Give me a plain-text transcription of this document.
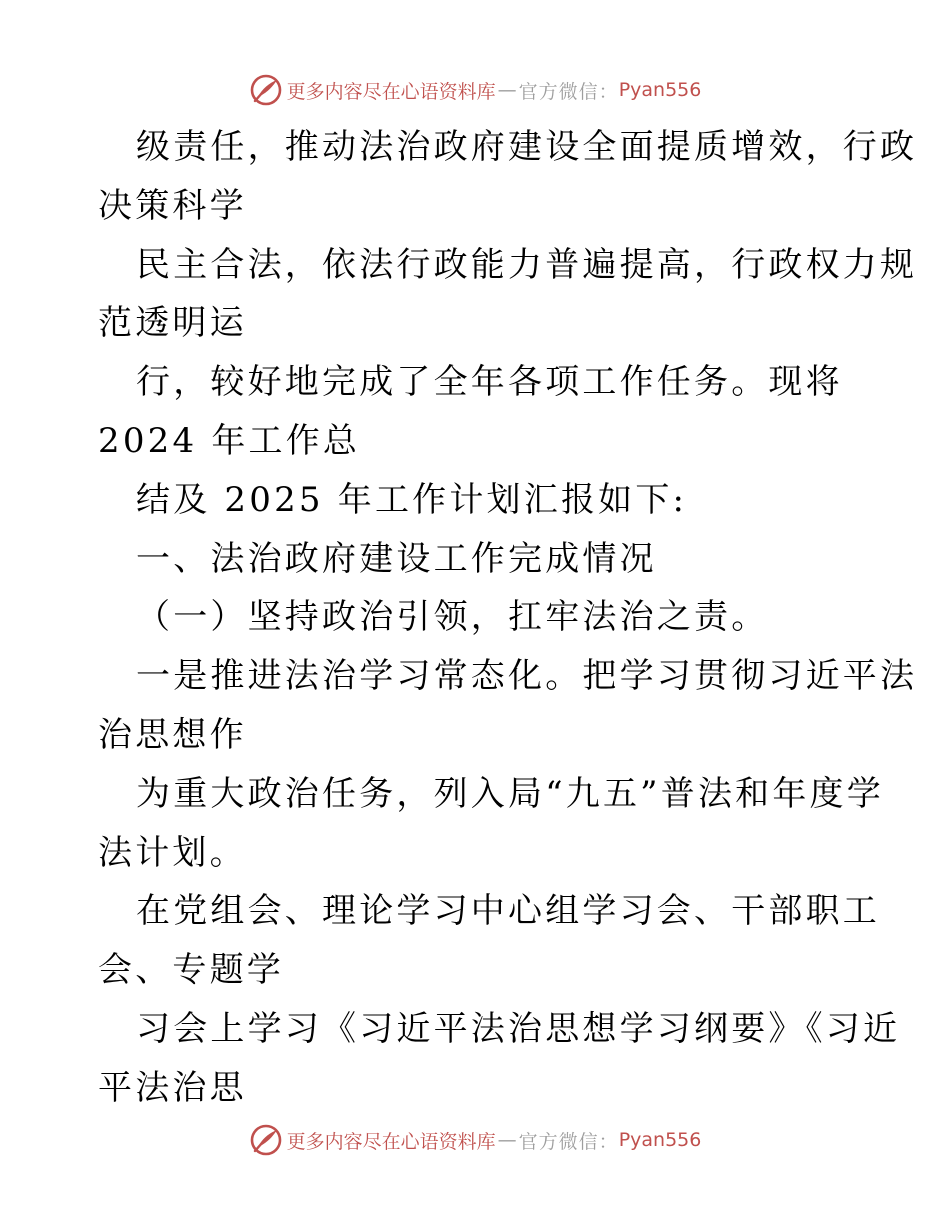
更多内容尽在心语资料库 — 官方微信： Pyan556
级责任，推动法治政府建设全面提质增效，行政
决策科学
民主合法，依法行政能力普遍提高，行政权力规
范透明运
行，较好地完成了全年各项工作任务。现将
2024 年工作总
结及 2025 年工作计划汇报如下:
一、法治政府建设工作完成情况
（一）坚持政治引领，扛牢法治之责。
一是推进法治学习常态化。把学习贯彻习近平法
治思想作
为重大政治任务，列入局“九五”普法和年度学
法计划。
在党组会、理论学习中心组学习会、干部职工
会、专题学
习会上学习《习近平法治思想学习纲要》《习近
平法治思
更多内容尽在心语资料库 — 官方微信： Pyan556
